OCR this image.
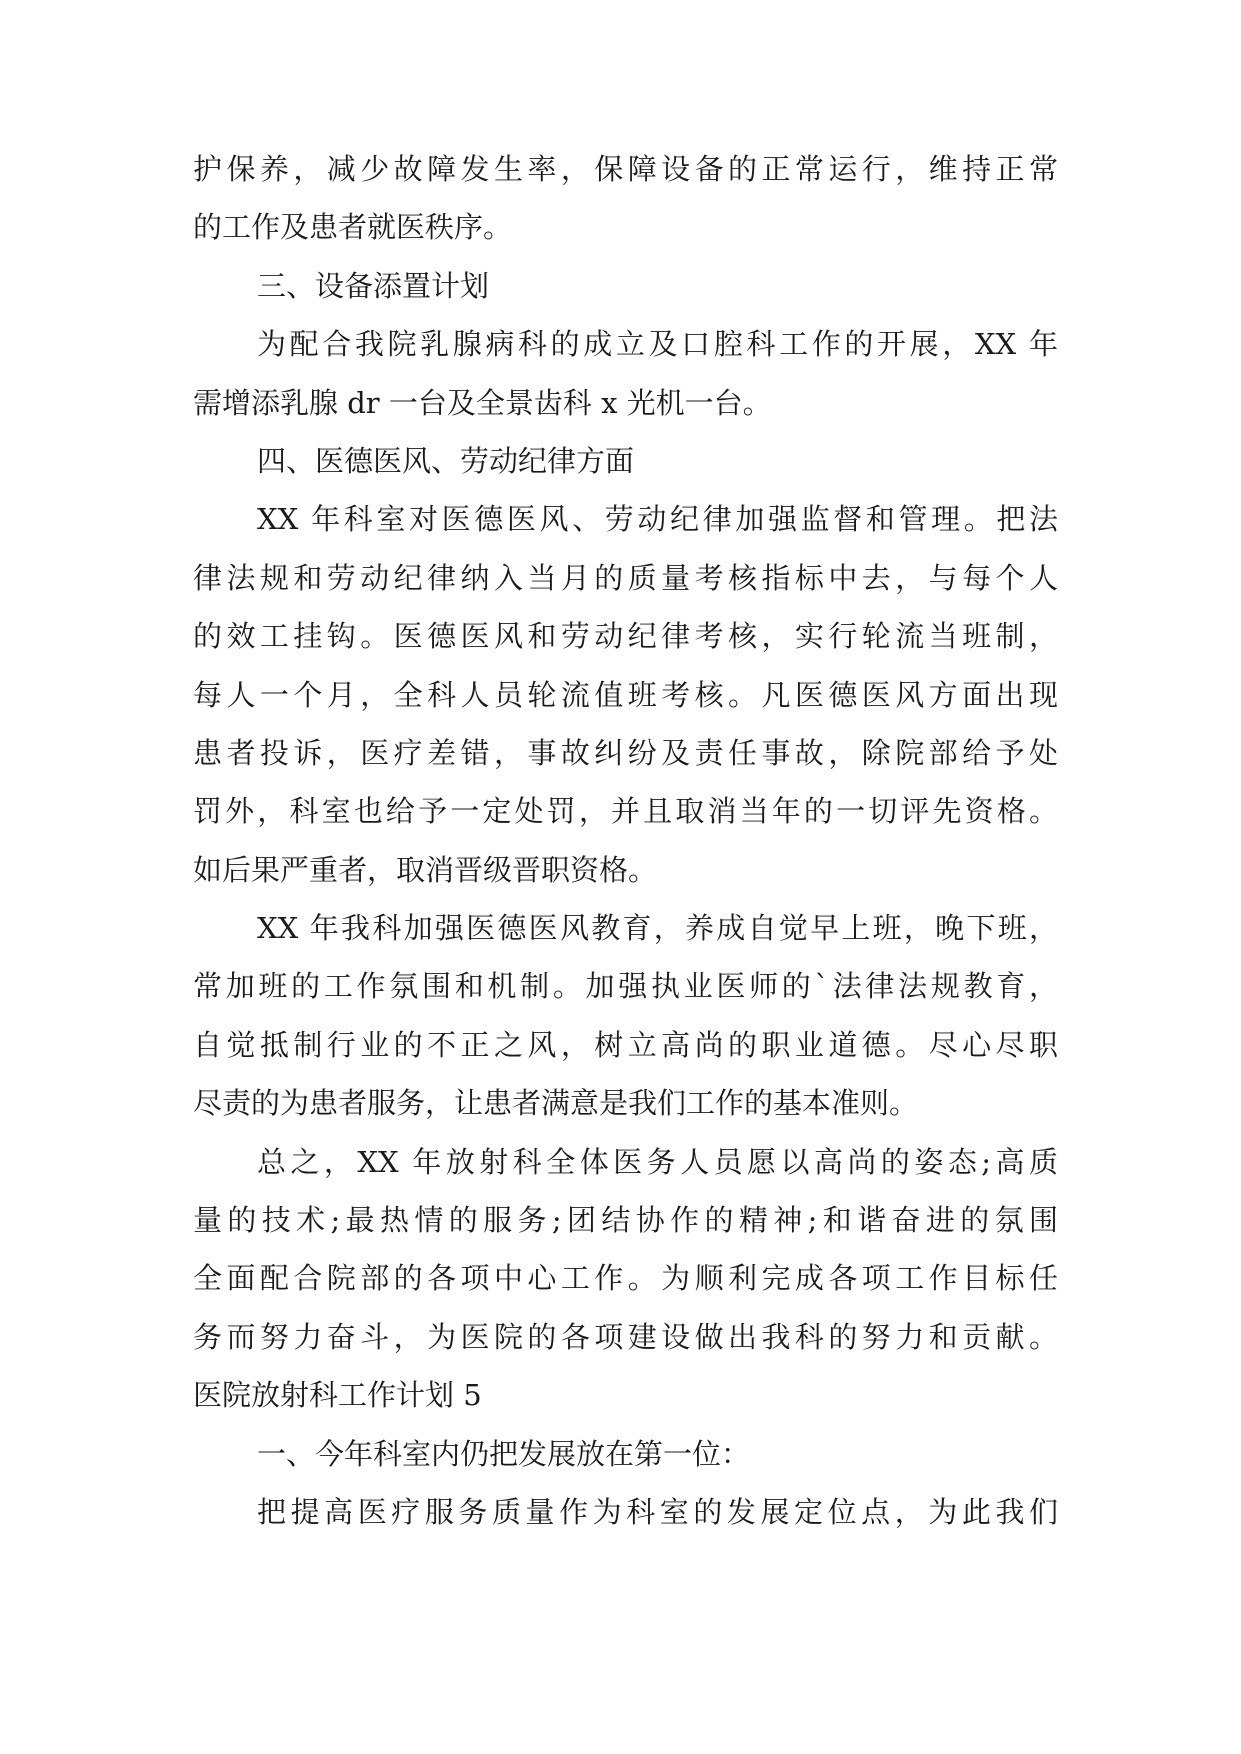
护保养，减少故障发生率，保障设备的正常运行，维持正常
的工作及患者就医秩序。
三、设备添置计划
为配合我院乳腺病科的成立及口腔科工作的开展，XX 年
需增添乳腺 dr 一台及全景齿科 x 光机一台。
四、医德医风、劳动纪律方面
XX 年科室对医德医风、劳动纪律加强监督和管理。把法
律法规和劳动纪律纳入当月的质量考核指标中去，与每个人
的效工挂钩。医德医风和劳动纪律考核，实行轮流当班制，
每人一个月，全科人员轮流值班考核。凡医德医风方面出现
患者投诉，医疗差错，事故纠纷及责任事故，除院部给予处
罚外，科室也给予一定处罚，并且取消当年的一切评先资格。
如后果严重者，取消晋级晋职资格。
XX 年我科加强医德医风教育，养成自觉早上班，晚下班，
常加班的工作氛围和机制。加强执业医师的`法律法规教育，
自觉抵制行业的不正之风，树立高尚的职业道德。尽心尽职
尽责的为患者服务，让患者满意是我们工作的基本准则。
总之，XX 年放射科全体医务人员愿以高尚的姿态;高质
量的技术;最热情的服务;团结协作的精神;和谐奋进的氛围
全面配合院部的各项中心工作。为顺利完成各项工作目标任
务而努力奋斗，为医院的各项建设做出我科的努力和贡献。
医院放射科工作计划 5
一、今年科室内仍把发展放在第一位：
把提高医疗服务质量作为科室的发展定位点，为此我们
